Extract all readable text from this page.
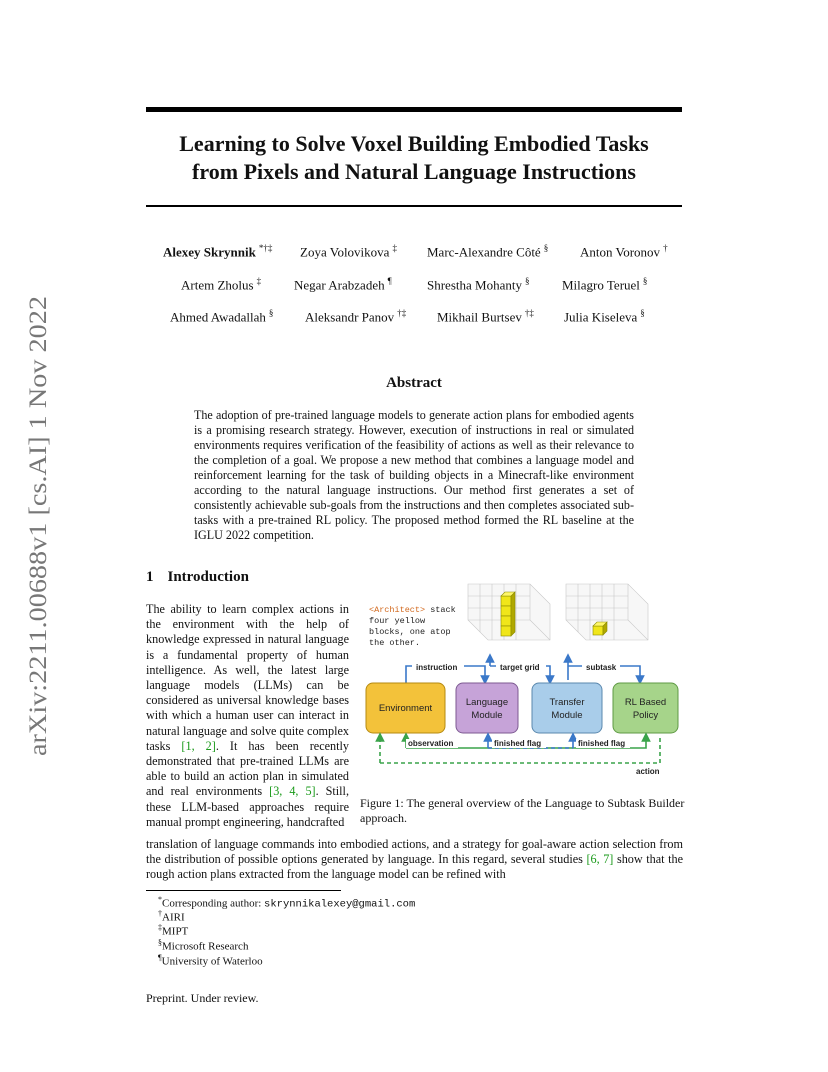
arXiv:2211.00688v1 [cs.AI] 1 Nov 2022
Learning to Solve Voxel Building Embodied Tasks
from Pixels and Natural Language Instructions
Alexey Skrynnik *†‡ Zoya Volovikova ‡ Marc-Alexandre Côté § Anton Voronov †
Artem Zholus ‡	Negar Arabzadeh ¶	Shrestha Mohanty §	Milagro Teruel §
Ahmed Awadallah § Aleksandr Panov †‡ Mikhail Burtsev †‡ Julia Kiseleva §
Abstract
The adoption of pre-trained language models to generate action plans for embodied agents is a promising research strategy. However, execution of instructions in real or simulated environments requires verification of the feasibility of actions as well as their relevance to the completion of a goal. We propose a new method that combines a language model and reinforcement learning for the task of building objects in a Minecraft-like environment according to the natural language instructions. Our method first generates a set of consistently achievable sub-goals from the instructions and then completes associated sub-tasks with a pre-trained RL policy. The proposed method formed the RL baseline at the IGLU 2022 competition.
1 Introduction
The ability to learn complex actions in the environment with the help of knowledge expressed in natural language is a fundamental property of human intelligence. As well, the latest large language models (LLMs) can be considered as universal knowledge bases with which a human user can interact in natural language and solve quite complex tasks [1, 2]. It has been recently demonstrated that pre-trained LLMs are able to build an action plan in simulated and real environments [3, 4, 5]. Still, these LLM-based approaches require manual prompt engineering, handcrafted
<Architect> stack
four yellow
blocks, one atop
the other.
instruction	target grid	subtask
Environment
Language
Module
Transfer
Module
RL Based
Policy
observation	finished flag	finished flag
action
Figure 1: The general overview of the Language to Subtask Builder approach.
translation of language commands into embodied actions, and a strategy for goal-aware action selection from the distribution of possible options generated by language. In this regard, several studies [6, 7] show that the rough action plans extracted from the language model can be refined with
*Corresponding author: skrynnikalexey@gmail.com
†AIRI
‡MIPT
§Microsoft Research
¶University of Waterloo
Preprint. Under review.
